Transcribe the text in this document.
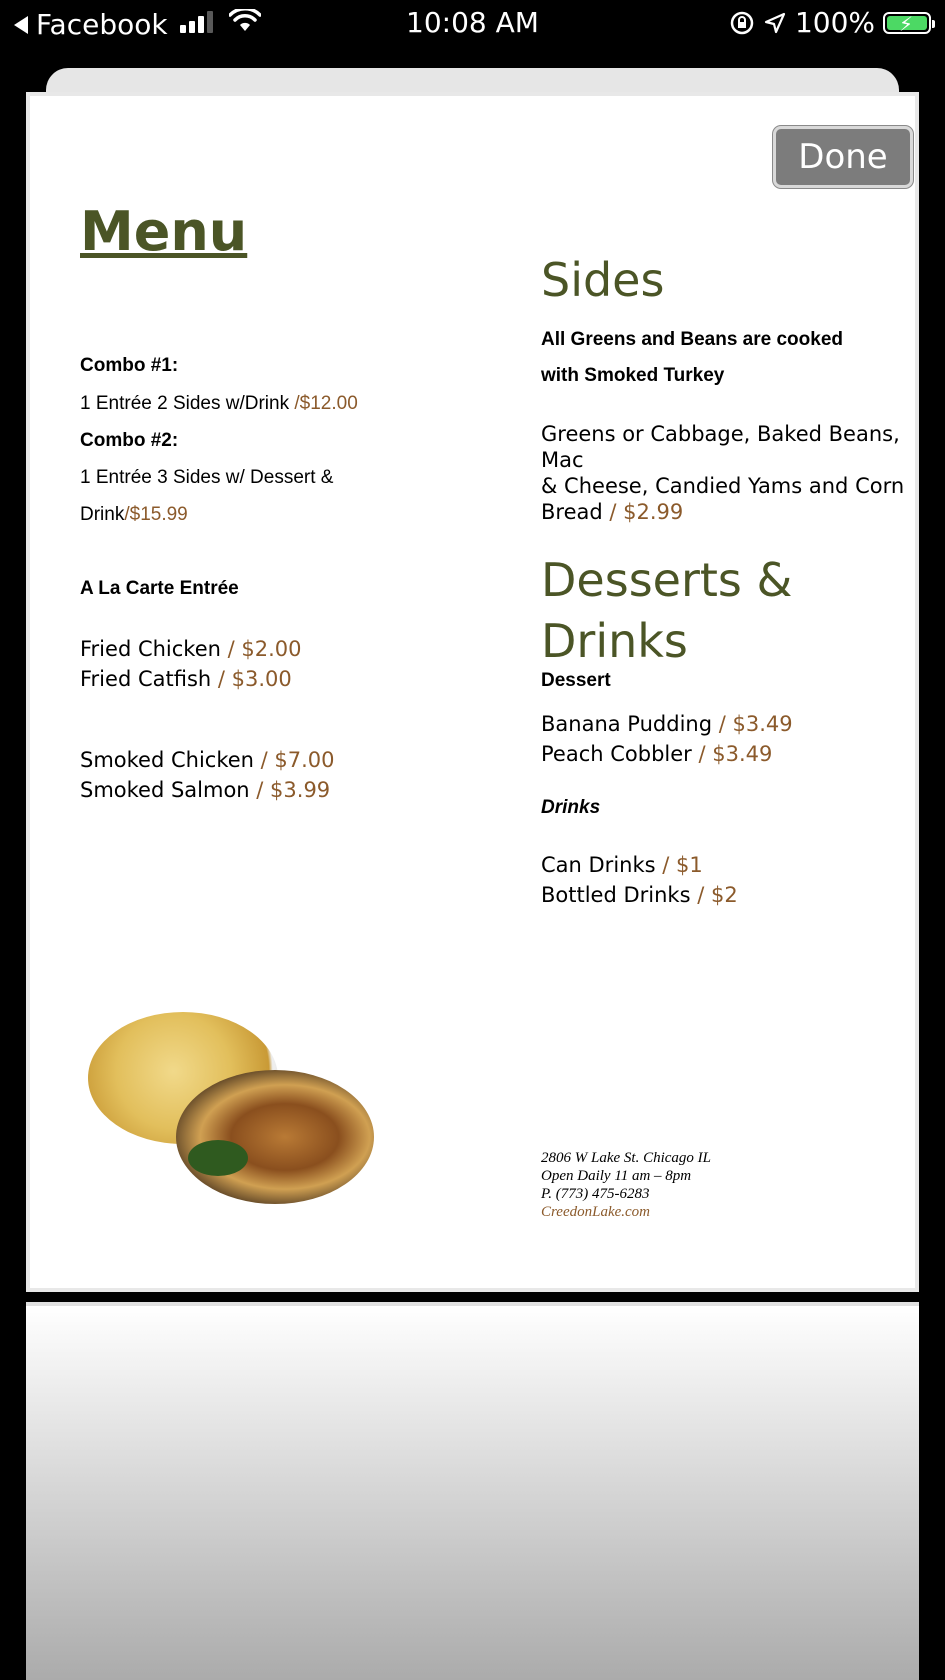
Facebook	10:08 AM	100% ⚡
Done
Menu
Combo #1:
1 Entrée 2 Sides w/Drink /$12.00
Combo #2:
1 Entrée 3 Sides w/ Dessert &
Drink/$15.99
A La Carte Entrée
Fried Chicken / $2.00
Fried Catfish / $3.00
Smoked Chicken / $7.00
Smoked Salmon / $3.99
Sides
All Greens and Beans are cooked
with Smoked Turkey
Greens or Cabbage, Baked Beans, Mac
& Cheese, Candied Yams and Corn
Bread / $2.99
Desserts &
Drinks
Dessert
Banana Pudding / $3.49
Peach Cobbler / $3.49
Drinks
Can Drinks / $1
Bottled Drinks / $2
2806 W Lake St. Chicago IL
Open Daily 11 am – 8pm
P. (773) 475-6283
CreedonLake.com
